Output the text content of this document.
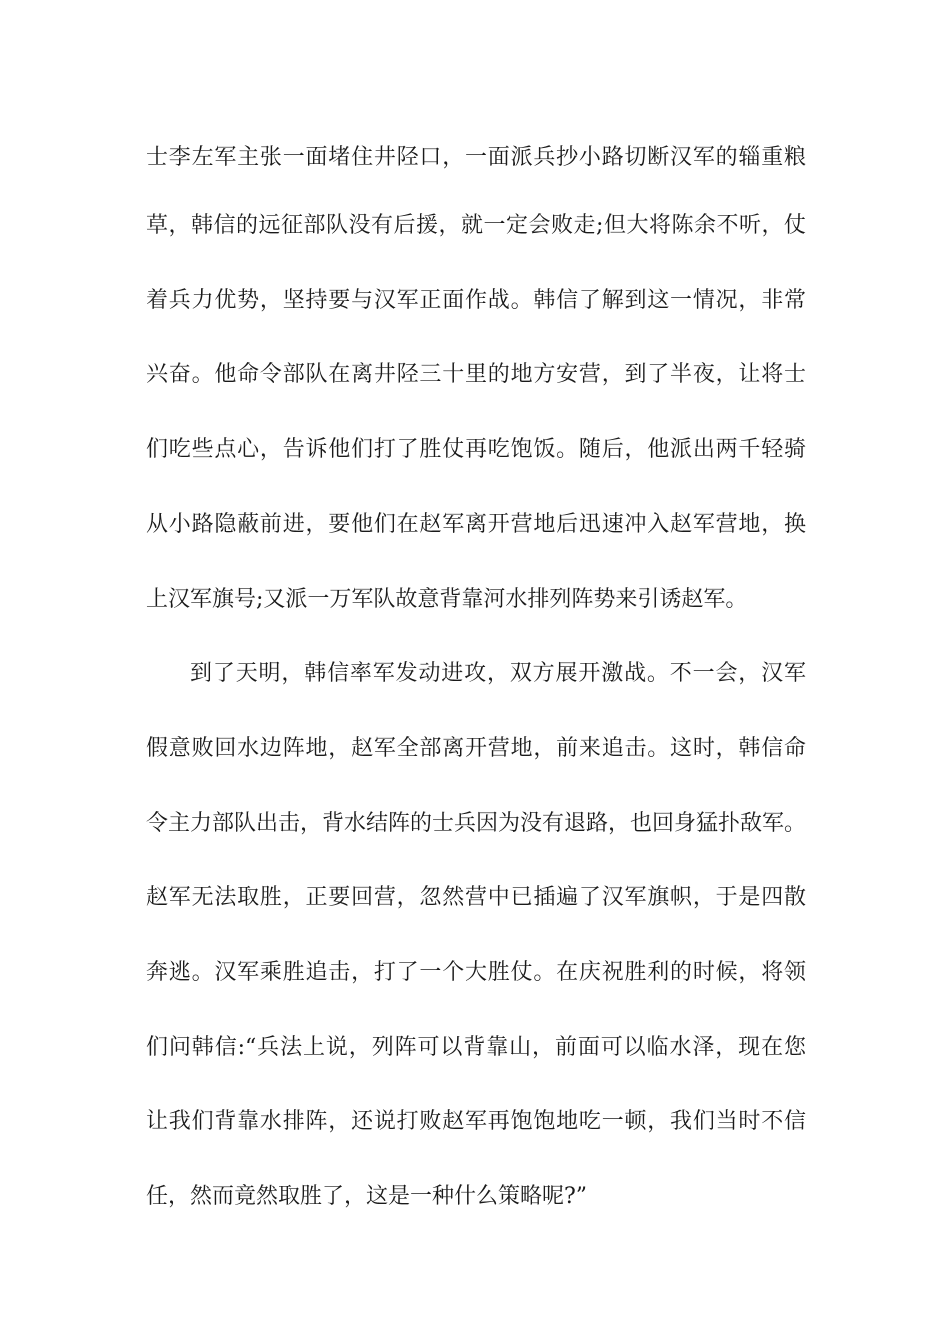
士李左军主张一面堵住井陉口，一面派兵抄小路切断汉军的辎重粮
草，韩信的远征部队没有后援，就一定会败走;但大将陈余不听，仗
着兵力优势，坚持要与汉军正面作战。韩信了解到这一情况，非常
兴奋。他命令部队在离井陉三十里的地方安营，到了半夜，让将士
们吃些点心，告诉他们打了胜仗再吃饱饭。随后，他派出两千轻骑
从小路隐蔽前进，要他们在赵军离开营地后迅速冲入赵军营地，换
上汉军旗号;又派一万军队故意背靠河水排列阵势来引诱赵军。
到了天明，韩信率军发动进攻，双方展开激战。不一会，汉军
假意败回水边阵地，赵军全部离开营地，前来追击。这时，韩信命
令主力部队出击，背水结阵的士兵因为没有退路，也回身猛扑敌军。
赵军无法取胜，正要回营，忽然营中已插遍了汉军旗帜，于是四散
奔逃。汉军乘胜追击，打了一个大胜仗。在庆祝胜利的时候，将领
们问韩信:“兵法上说，列阵可以背靠山，前面可以临水泽，现在您
让我们背靠水排阵，还说打败赵军再饱饱地吃一顿，我们当时不信
任，然而竟然取胜了，这是一种什么策略呢?”
